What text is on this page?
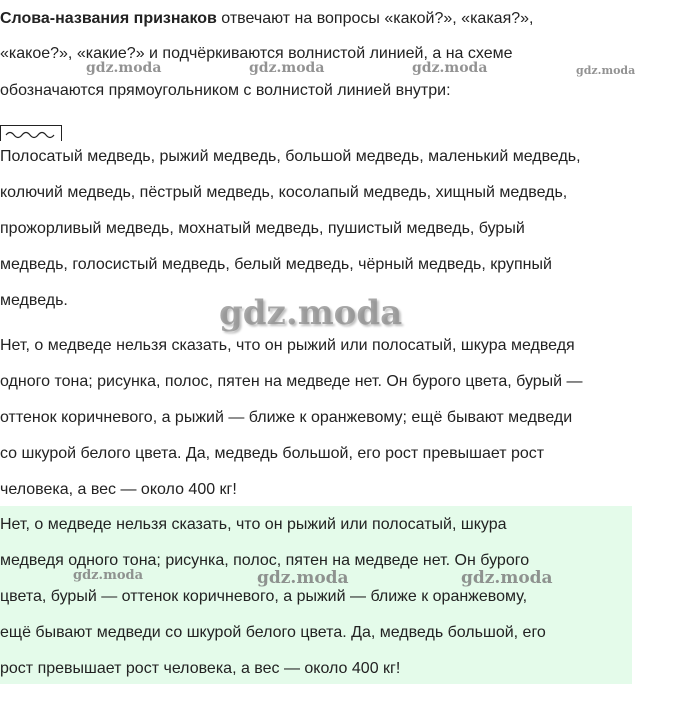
Слова-названия признаков отвечают на вопросы «какой?», «какая?»,
«какое?», «какие?» и подчёркиваются волнистой линией, а на схеме
обозначаются прямоугольником с волнистой линией внутри:
Полосатый медведь, рыжий медведь, большой медведь, маленький медведь,
колючий медведь, пёстрый медведь, косолапый медведь, хищный медведь,
прожорливый медведь, мохнатый медведь, пушистый медведь, бурый
медведь, голосистый медведь, белый медведь, чёрный медведь, крупный
медведь.
Нет, о медведе нельзя сказать, что он рыжий или полосатый, шкура медведя
одного тона; рисунка, полос, пятен на медведе нет. Он бурого цвета, бурый —
оттенок коричневого, а рыжий — ближе к оранжевому; ещё бывают медведи
со шкурой белого цвета. Да, медведь большой, его рост превышает рост
человека, а вес — около 400 кг!
Нет, о медведе нельзя сказать, что он рыжий или полосатый, шкура
медведя одного тона; рисунка, полос, пятен на медведе нет. Он бурого
цвета, бурый — оттенок коричневого, а рыжий — ближе к оранжевому,
ещё бывают медведи со шкурой белого цвета. Да, медведь большой, его
рост превышает рост человека, а вес — около 400 кг!
gdz.moda	gdz.moda	gdz.moda	gdz.moda
gdz.moda
gdz.moda	gdz.moda	gdz.moda
